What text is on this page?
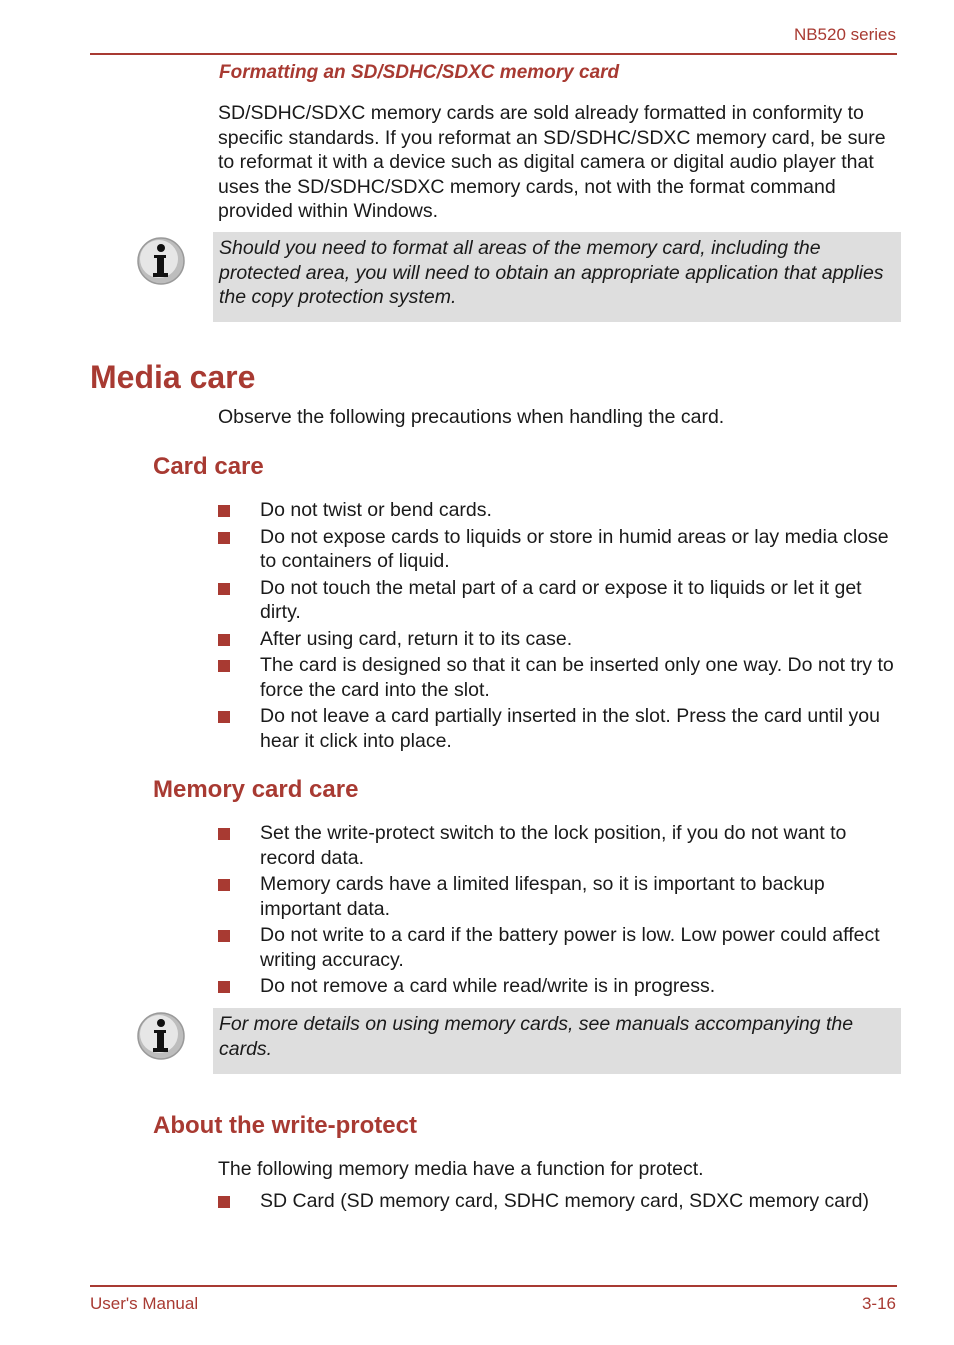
NB520 series
Formatting an SD/SDHC/SDXC memory card
SD/SDHC/SDXC memory cards are sold already formatted in conformity to specific standards. If you reformat an SD/SDHC/SDXC memory card, be sure to reformat it with a device such as digital camera or digital audio player that uses the SD/SDHC/SDXC memory cards, not with the format command provided within Windows.
Should you need to format all areas of the memory card, including the protected area, you will need to obtain an appropriate application that applies the copy protection system.
Media care
Observe the following precautions when handling the card.
Card care
Do not twist or bend cards.
Do not expose cards to liquids or store in humid areas or lay media close to containers of liquid.
Do not touch the metal part of a card or expose it to liquids or let it get dirty.
After using card, return it to its case.
The card is designed so that it can be inserted only one way. Do not try to force the card into the slot.
Do not leave a card partially inserted in the slot. Press the card until you hear it click into place.
Memory card care
Set the write-protect switch to the lock position, if you do not want to record data.
Memory cards have a limited lifespan, so it is important to backup important data.
Do not write to a card if the battery power is low. Low power could affect writing accuracy.
Do not remove a card while read/write is in progress.
For more details on using memory cards, see manuals accompanying the cards.
About the write-protect
The following memory media have a function for protect.
SD Card (SD memory card, SDHC memory card, SDXC memory card)
User's Manual	3-16
